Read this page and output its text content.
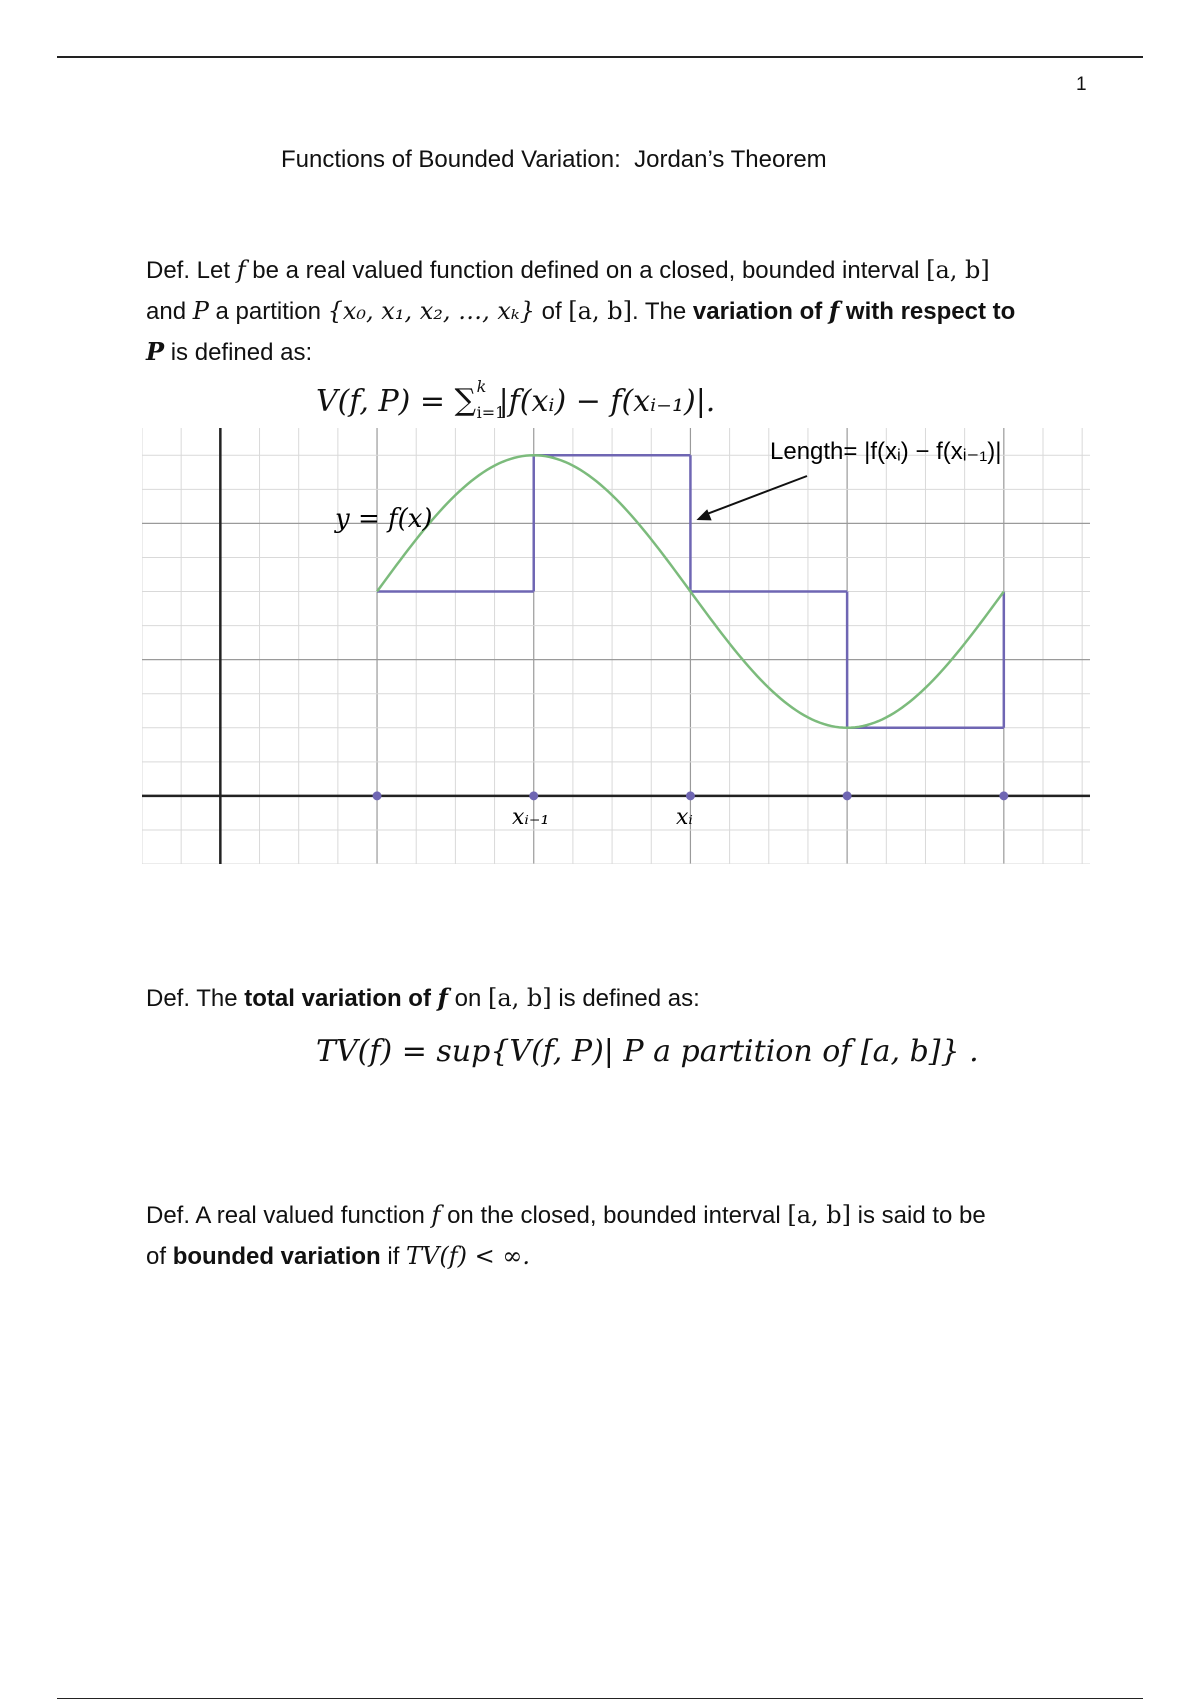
1
Functions of Bounded Variation:  Jordan’s Theorem

Def. Let f be a real valued function defined on a closed, bounded interval [a, b]
and P a partition {x₀, x₁, x₂, …, xₖ} of [a, b]. The variation of f with respect to
P is defined as:

V(f, P) = ∑ k
i=1
|f(xᵢ) − f(xᵢ₋₁)|.
Length= |f(xᵢ) − f(xᵢ₋₁)|
y = f(x)
xᵢ₋₁	xᵢ

Def. The total variation of f on [a, b] is defined as:

TV(f) = sup{V(f, P)| P a partition of [a, b]} .

Def. A real valued function f on the closed, bounded interval [a, b] is said to be
of bounded variation if TV(f) < ∞.
